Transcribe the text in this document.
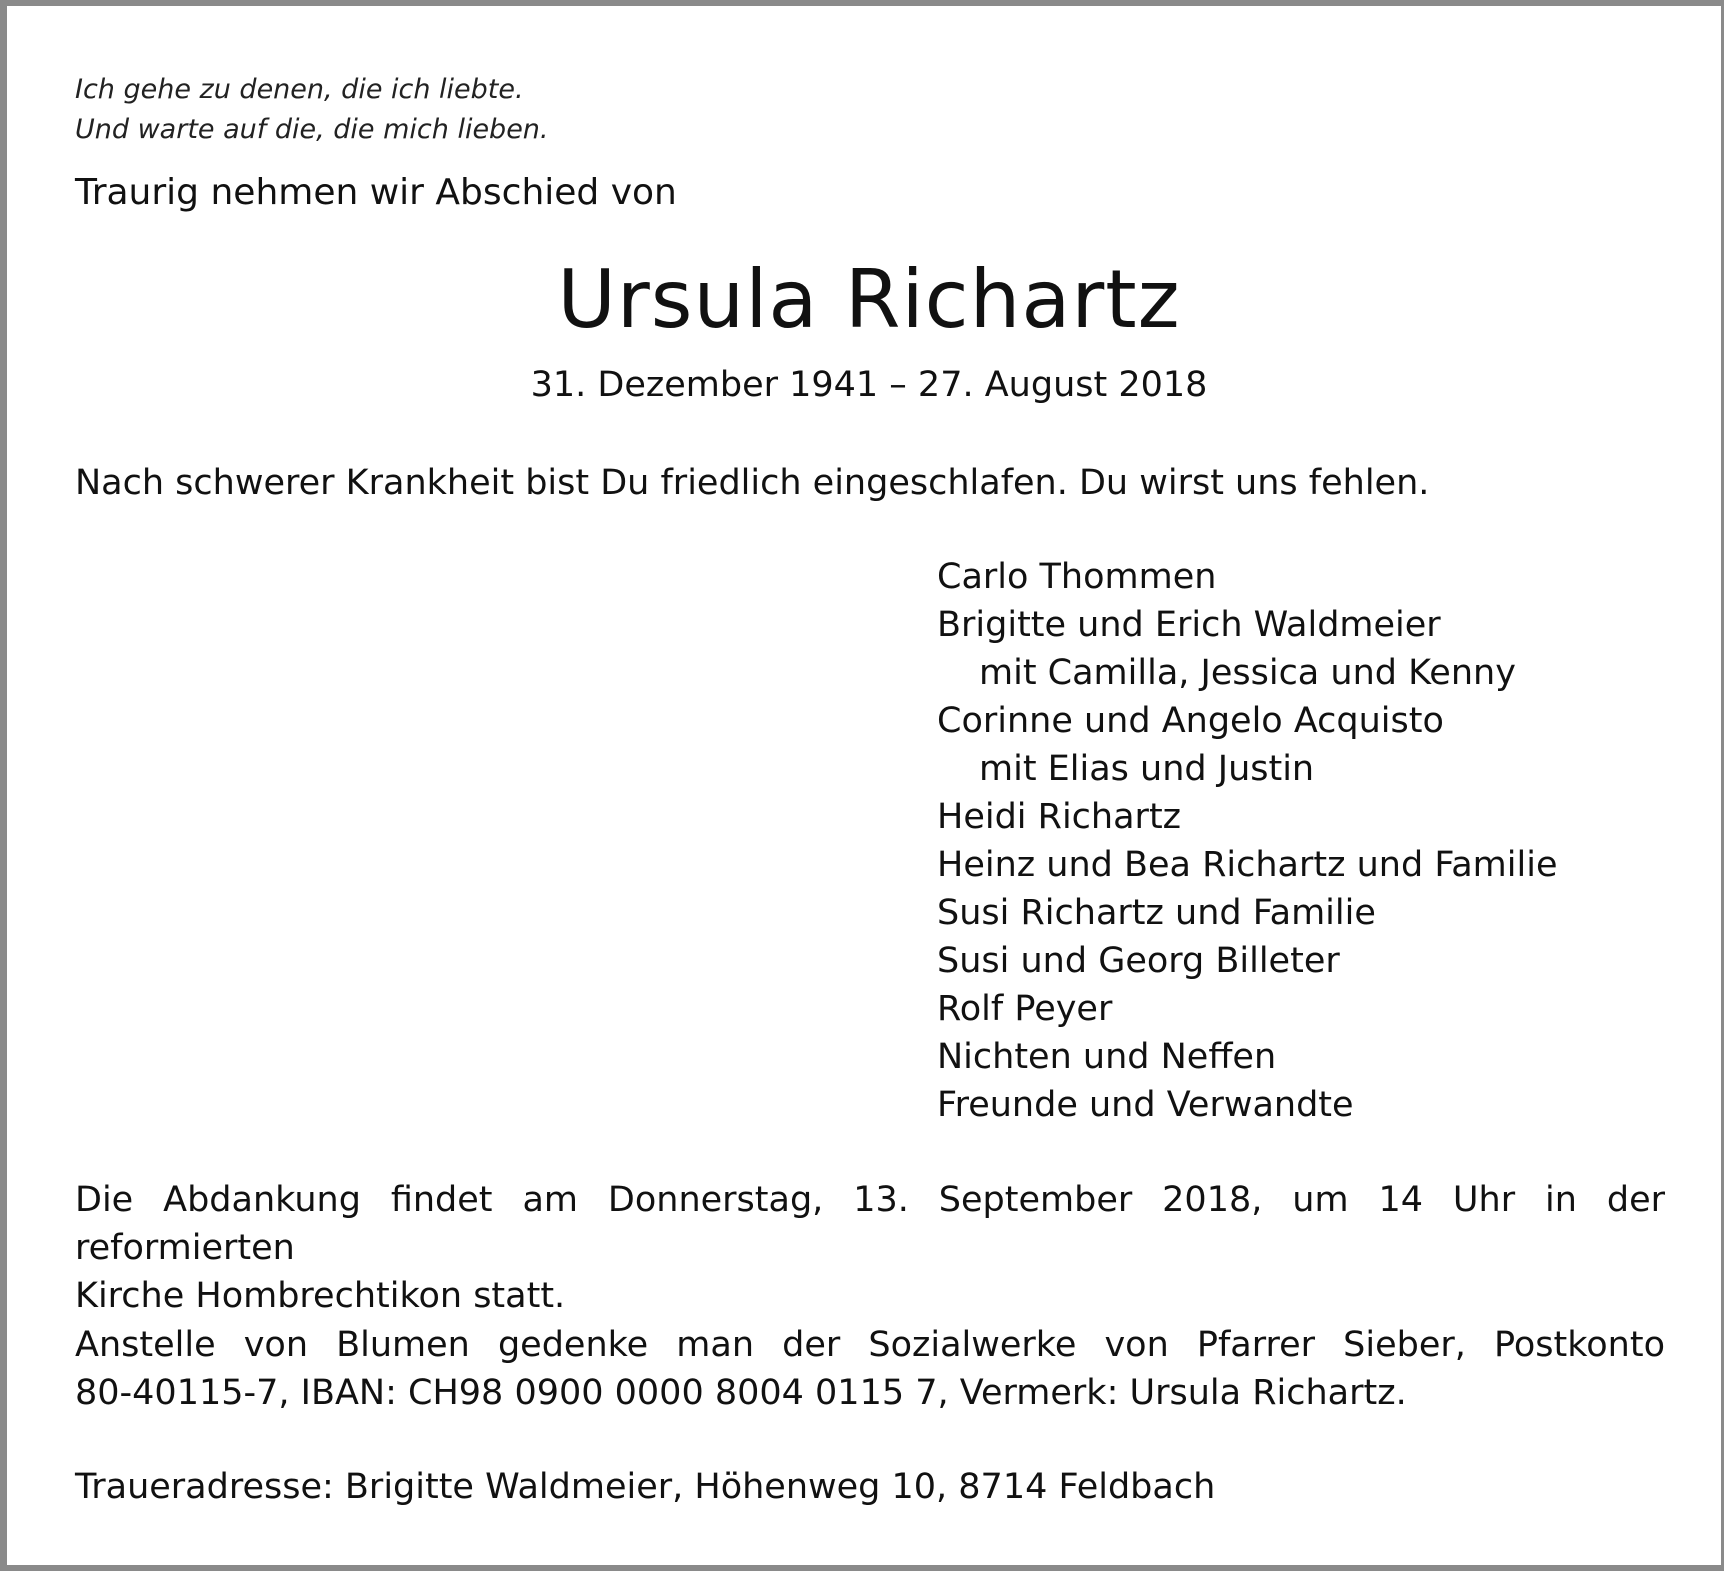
Ich gehe zu denen, die ich liebte.
Und warte auf die, die mich lieben.
Traurig nehmen wir Abschied von
Ursula Richartz
31. Dezember 1941 – 27. August 2018
Nach schwerer Krankheit bist Du friedlich eingeschlafen. Du wirst uns fehlen.
Carlo Thommen
Brigitte und Erich Waldmeier
mit Camilla, Jessica und Kenny
Corinne und Angelo Acquisto
mit Elias und Justin
Heidi Richartz
Heinz und Bea Richartz und Familie
Susi Richartz und Familie
Susi und Georg Billeter
Rolf Peyer
Nichten und Neffen
Freunde und Verwandte
Die Abdankung findet am Donnerstag, 13. September 2018, um 14 Uhr in der reformierten
Kirche Hombrechtikon statt.
Anstelle von Blumen gedenke man der Sozialwerke von Pfarrer Sieber, Postkonto
80-40115-7, IBAN: CH98 0900 0000 8004 0115 7, Vermerk: Ursula Richartz.
Traueradresse: Brigitte Waldmeier, Höhenweg 10, 8714 Feldbach
